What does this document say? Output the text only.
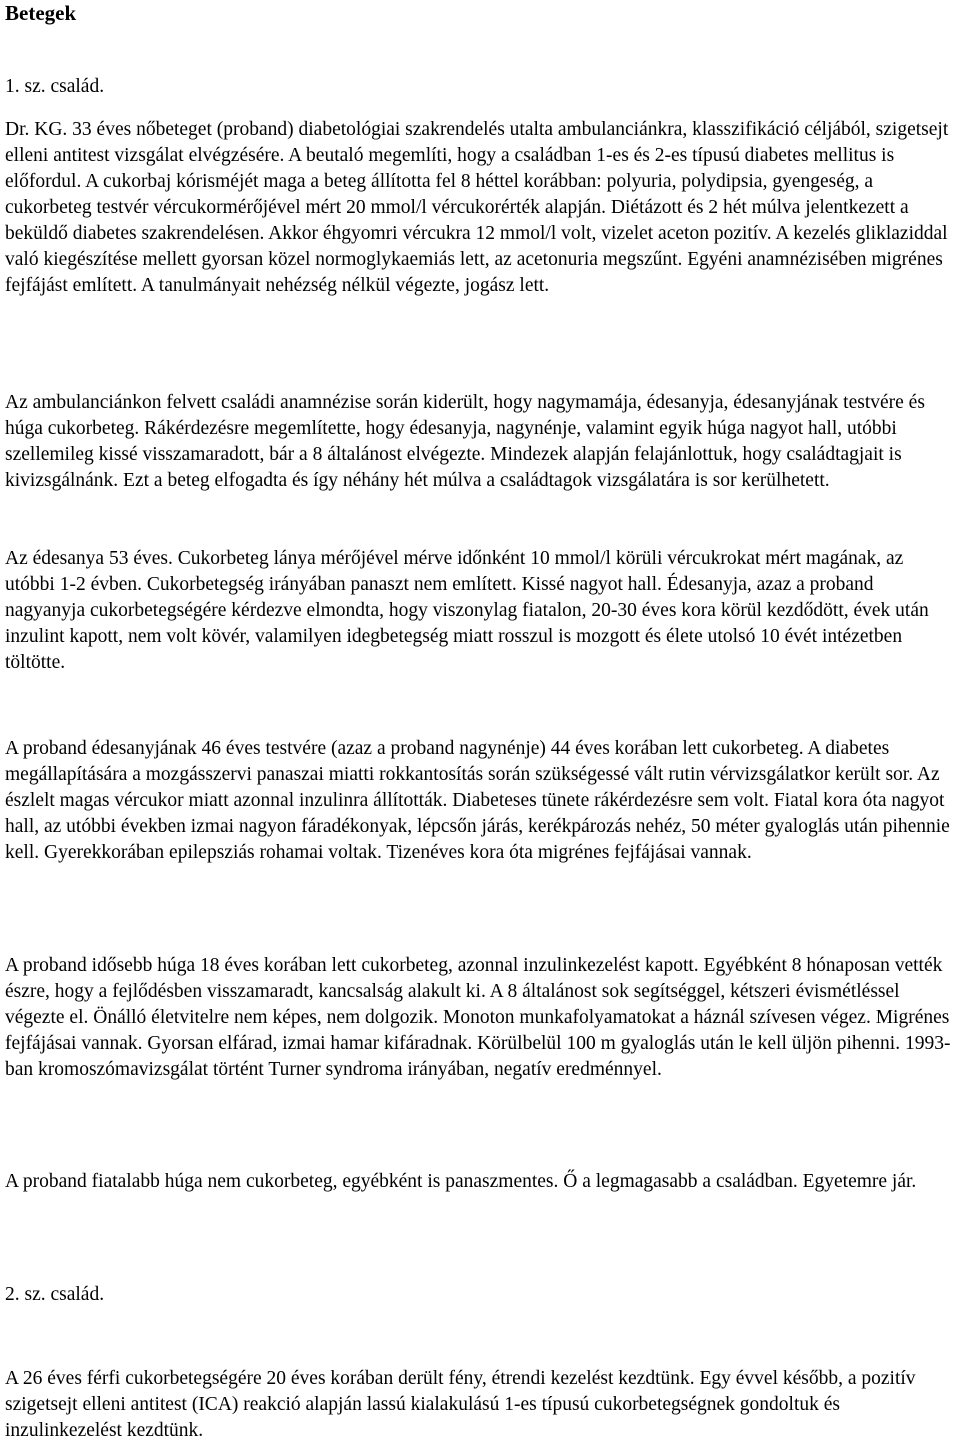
Betegek

1. sz. család.

Dr. KG. 33 éves nőbeteget (proband) diabetológiai szakrendelés utalta ambulanciánkra, klasszifikáció céljából, szigetsejt elleni antitest vizsgálat elvégzésére. A beutaló megemlíti, hogy a családban 1-es és 2-es típusú diabetes mellitus is előfordul. A cukorbaj kórisméjét maga a beteg állította fel 8 héttel korábban: polyuria, polydipsia, gyengeség, a cukorbeteg testvér vércukormérőjével mért 20 mmol/l vércukorérték alapján. Diétázott és 2 hét múlva jelentkezett a beküldő diabetes szakrendelésen. Akkor éhgyomri vércukra 12 mmol/l volt, vizelet aceton pozitív. A kezelés gliklaziddal való kiegészítése mellett gyorsan közel normoglykaemiás lett, az acetonuria megszűnt. Egyéni anamnézisében migrénes fejfájást említett. A tanulmányait nehézség nélkül végezte, jogász lett.

Az ambulanciánkon felvett családi anamnézise során kiderült, hogy nagymamája, édesanyja, édesanyjának testvére és húga cukorbeteg. Rákérdezésre megemlítette, hogy édesanyja, nagynénje, valamint egyik húga nagyot hall, utóbbi szellemileg kissé visszamaradott, bár a 8 általánost elvégezte. Mindezek alapján felajánlottuk, hogy családtagjait is kivizsgálnánk. Ezt a beteg elfogadta és így néhány hét múlva a családtagok vizsgálatára is sor kerülhetett.

Az édesanya 53 éves. Cukorbeteg lánya mérőjével mérve időnként 10 mmol/l körüli vércukrokat mért magának, az utóbbi 1-2 évben. Cukorbetegség irányában panaszt nem említett. Kissé nagyot hall. Édesanyja, azaz a proband nagyanyja cukorbetegségére kérdezve elmondta, hogy viszonylag fiatalon, 20-30 éves kora körül kezdődött, évek után inzulint kapott, nem volt kövér, valamilyen idegbetegség miatt rosszul is mozgott és élete utolsó 10 évét intézetben töltötte.

A proband édesanyjának 46 éves testvére (azaz a proband nagynénje) 44 éves korában lett cukorbeteg. A diabetes megállapítására a mozgásszervi panaszai miatti rokkantosítás során szükségessé vált rutin vérvizsgálatkor került sor. Az észlelt magas vércukor miatt azonnal inzulinra állították. Diabeteses tünete rákérdezésre sem volt. Fiatal kora óta nagyot hall, az utóbbi években izmai nagyon fáradékonyak, lépcsőn járás, kerékpározás nehéz, 50 méter gyaloglás után pihennie kell. Gyerekkorában epilepsziás rohamai voltak. Tizenéves kora óta migrénes fejfájásai vannak.

A proband idősebb húga 18 éves korában lett cukorbeteg, azonnal inzulinkezelést kapott. Egyébként 8 hónaposan vették észre, hogy a fejlődésben visszamaradt, kancsalság alakult ki. A 8 általánost sok segítséggel, kétszeri évismétléssel végezte el. Önálló életvitelre nem képes, nem dolgozik. Monoton munkafolyamatokat a háznál szívesen végez. Migrénes fejfájásai vannak. Gyorsan elfárad, izmai hamar kifáradnak. Körülbelül 100 m gyaloglás után le kell üljön pihenni. 1993-ban kromoszómavizsgálat történt Turner syndroma irányában, negatív eredménnyel.

A proband fiatalabb húga nem cukorbeteg, egyébként is panaszmentes. Ő a legmagasabb a családban. Egyetemre jár.

2. sz. család.

A 26 éves férfi cukorbetegségére 20 éves korában derült fény, étrendi kezelést kezdtünk. Egy évvel később, a pozitív szigetsejt elleni antitest (ICA) reakció alapján lassú kialakulású 1-es típusú cukorbetegségnek gondoltuk és inzulinkezelést kezdtünk.
